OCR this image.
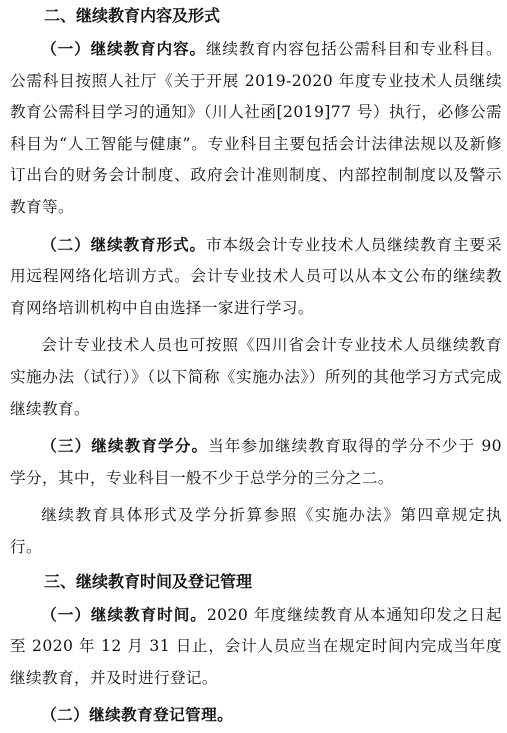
二、继续教育内容及形式

（一）继续教育内容。继续教育内容包括公需科目和专业科目。公需科目按照人社厅《关于开展 2019-2020 年度专业技术人员继续教育公需科目学习的通知》（川人社函[2019]77 号）执行，必修公需科目为“人工智能与健康”。专业科目主要包括会计法律法规以及新修订出台的财务会计制度、政府会计准则制度、内部控制制度以及警示教育等。

（二）继续教育形式。市本级会计专业技术人员继续教育主要采用远程网络化培训方式。会计专业技术人员可以从本文公布的继续教育网络培训机构中自由选择一家进行学习。

会计专业技术人员也可按照《四川省会计专业技术人员继续教育实施办法（试行）》（以下简称《实施办法》）所列的其他学习方式完成继续教育。

（三）继续教育学分。当年参加继续教育取得的学分不少于 90 学分，其中，专业科目一般不少于总学分的三分之二。

继续教育具体形式及学分折算参照《实施办法》第四章规定执行。

三、继续教育时间及登记管理

（一）继续教育时间。2020 年度继续教育从本通知印发之日起至 2020 年 12 月 31 日止，会计人员应当在规定时间内完成当年度继续教育，并及时进行登记。

（二）继续教育登记管理。
